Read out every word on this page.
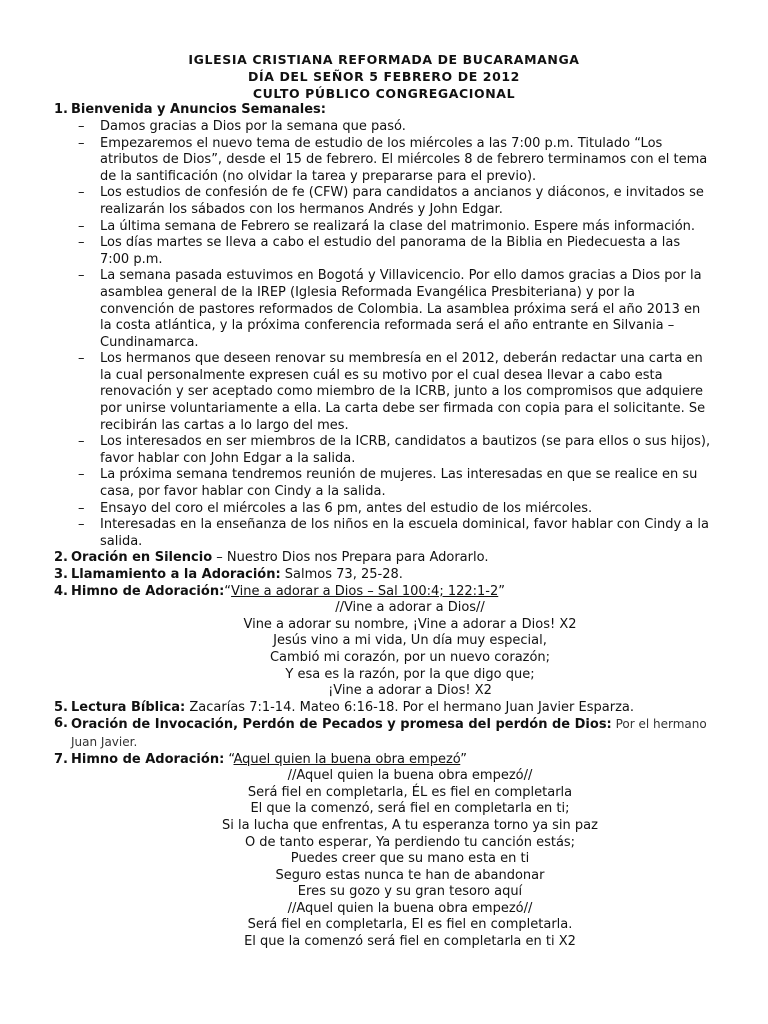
IGLESIA CRISTIANA REFORMADA DE BUCARAMANGA
DÍA DEL SEÑOR 5 FEBRERO DE 2012
CULTO PÚBLICO CONGREGACIONAL
1. Bienvenida y Anuncios Semanales:
– Damos gracias a Dios por la semana que pasó.
– Empezaremos el nuevo tema de estudio de los miércoles a las 7:00 p.m. Titulado “Los atributos de Dios”, desde el 15 de febrero. El miércoles 8 de febrero terminamos con el tema de la santificación (no olvidar la tarea y prepararse para el previo).
– Los estudios de confesión de fe (CFW) para candidatos a ancianos y diáconos, e invitados se realizarán los sábados con los hermanos Andrés y John Edgar.
– La última semana de Febrero se realizará la clase del matrimonio. Espere más información.
– Los días martes se lleva a cabo el estudio del panorama de la Biblia en Piedecuesta a las 7:00 p.m.
– La semana pasada estuvimos en Bogotá y Villavicencio. Por ello damos gracias a Dios por la asamblea general de la IREP (Iglesia Reformada Evangélica Presbiteriana) y por la convención de pastores reformados de Colombia. La asamblea próxima será el año 2013 en la costa atlántica, y la próxima conferencia reformada será el año entrante en Silvania – Cundinamarca.
– Los hermanos que deseen renovar su membresía en el 2012, deberán redactar una carta en la cual personalmente expresen cuál es su motivo por el cual desea llevar a cabo esta renovación y ser aceptado como miembro de la ICRB, junto a los compromisos que adquiere por unirse voluntariamente a ella. La carta debe ser firmada con copia para el solicitante. Se recibirán las cartas a lo largo del mes.
– Los interesados en ser miembros de la ICRB, candidatos a bautizos (se para ellos o sus hijos), favor hablar con John Edgar a la salida.
– La próxima semana tendremos reunión de mujeres. Las interesadas en que se realice en su casa, por favor hablar con Cindy a la salida.
– Ensayo del coro el miércoles a las 6 pm, antes del estudio de los miércoles.
– Interesadas en la enseñanza de los niños en la escuela dominical, favor hablar con Cindy a la salida.
2. Oración en Silencio – Nuestro Dios nos Prepara para Adorarlo.
3. Llamamiento a la Adoración: Salmos 73, 25-28.
4. Himno de Adoración:“Vine a adorar a Dios – Sal 100:4; 122:1-2”
//Vine a adorar a Dios//
Vine a adorar su nombre, ¡Vine a adorar a Dios! X2
Jesús vino a mi vida, Un día muy especial,
Cambió mi corazón, por un nuevo corazón;
Y esa es la razón, por la que digo que;
¡Vine a adorar a Dios! X2
5. Lectura Bíblica: Zacarías 7:1-14. Mateo 6:16-18. Por el hermano Juan Javier Esparza.
6. Oración de Invocación, Perdón de Pecados y promesa del perdón de Dios: Por el hermano Juan Javier.
7. Himno de Adoración: “Aquel quien la buena obra empezó”
//Aquel quien la buena obra empezó//
Será fiel en completarla, ÉL es fiel en completarla
El que la comenzó, será fiel en completarla en ti;
Si la lucha que enfrentas, A tu esperanza torno ya sin paz
O de tanto esperar, Ya perdiendo tu canción estás;
Puedes creer que su mano esta en ti
Seguro estas nunca te han de abandonar
Eres su gozo y su gran tesoro aquí
//Aquel quien la buena obra empezó//
Será fiel en completarla, El es fiel en completarla.
El que la comenzó será fiel en completarla en ti X2
